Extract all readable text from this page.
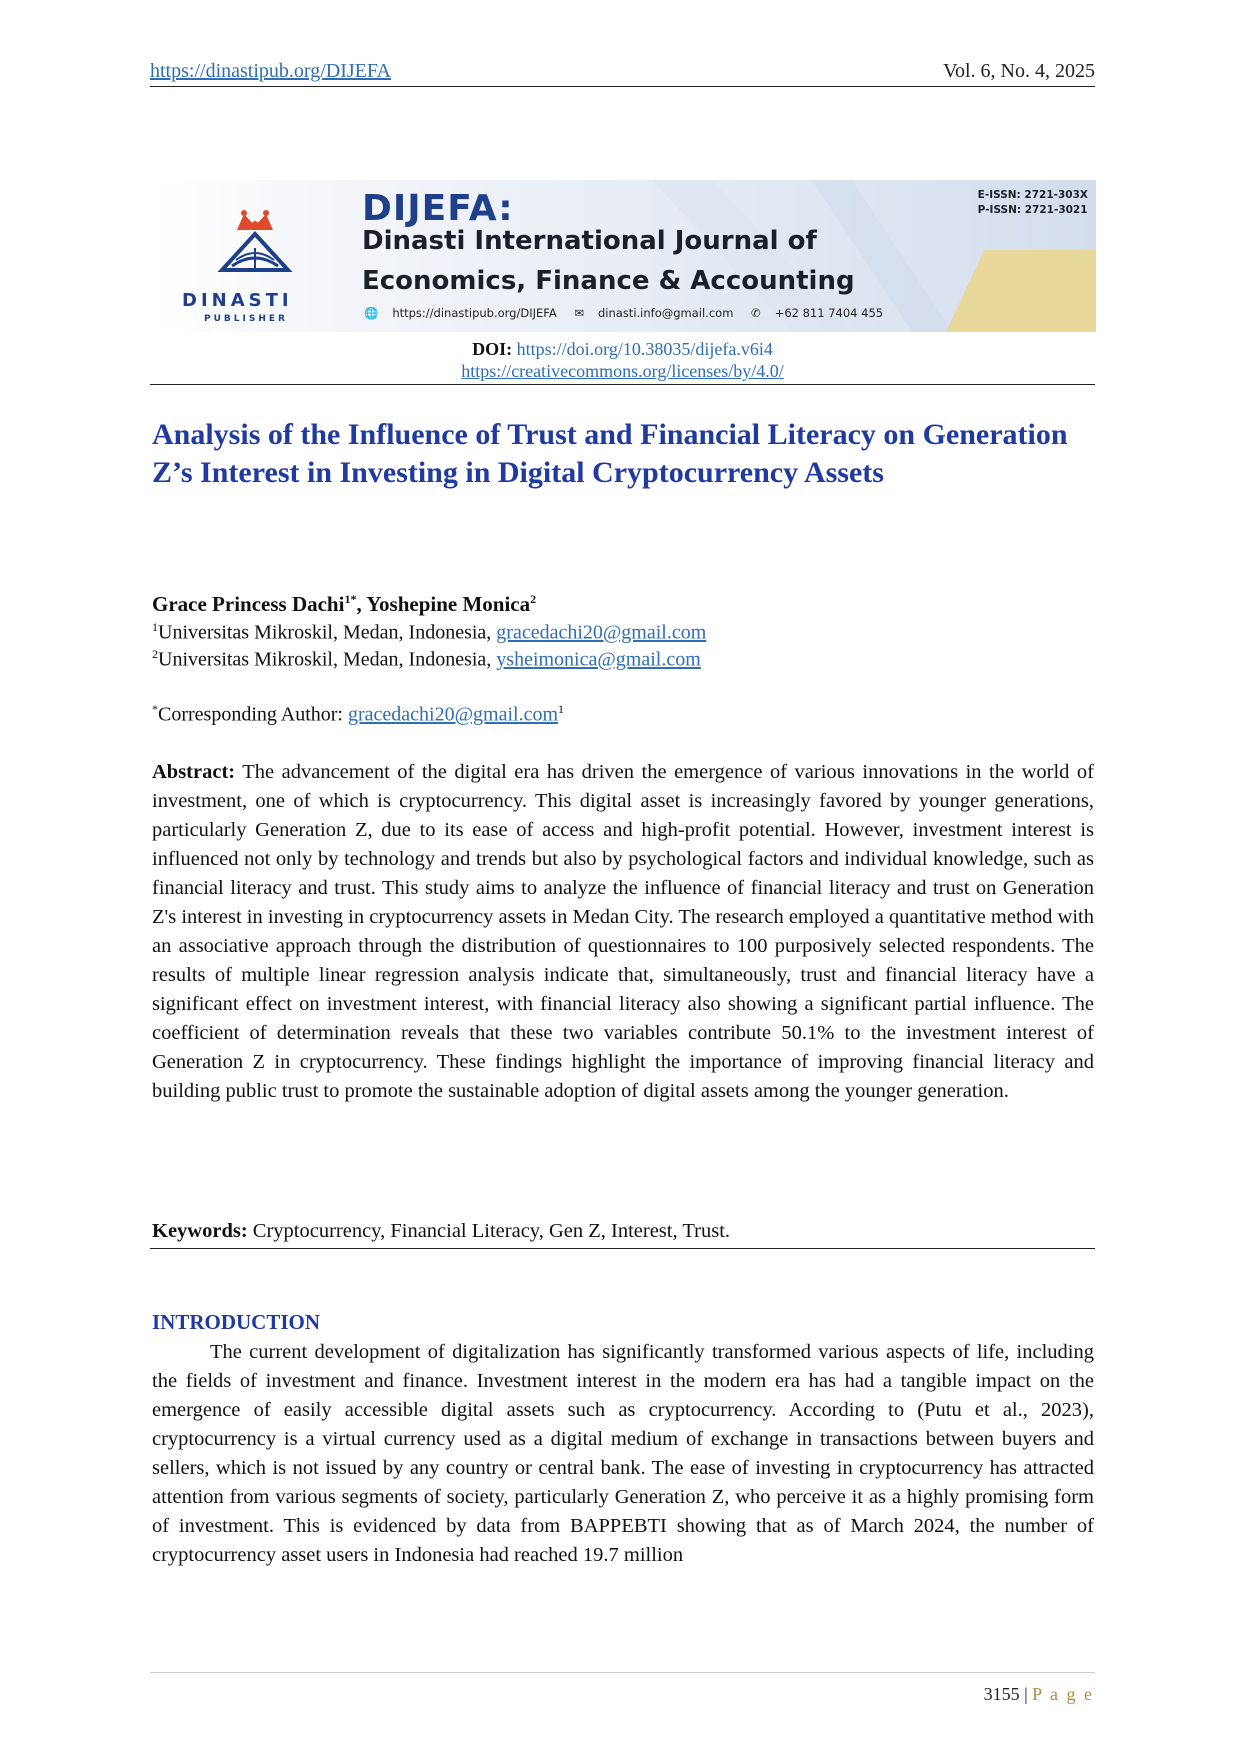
https://dinastipub.org/DIJEFA	Vol. 6, No. 4, 2025
DINASTI
PUBLISHER
DIJEFA:
Dinasti International Journal of
Economics, Finance & Accounting
🌐 https://dinastipub.org/DIJEFA ✉ dinasti.info@gmail.com ✆ +62 811 7404 455
E-ISSN: 2721-303X
P-ISSN: 2721-3021
DOI: https://doi.org/10.38035/dijefa.v6i4
https://creativecommons.org/licenses/by/4.0/
Analysis of the Influence of Trust and Financial Literacy on Generation Z’s Interest in Investing in Digital Cryptocurrency Assets
Grace Princess Dachi$^{1*}$, Yoshepine Monica$^2$
$^1$Universitas Mikroskil, Medan, Indonesia, gracedachi20@gmail.com
$^2$Universitas Mikroskil, Medan, Indonesia, ysheimonica@gmail.com
*Corresponding Author: gracedachi20@gmail.com$^1$
Abstract: The advancement of the digital era has driven the emergence of various innovations in the world of investment, one of which is cryptocurrency. This digital asset is increasingly favored by younger generations, particularly Generation Z, due to its ease of access and high-profit potential. However, investment interest is influenced not only by technology and trends but also by psychological factors and individual knowledge, such as financial literacy and trust. This study aims to analyze the influence of financial literacy and trust on Generation Z's interest in investing in cryptocurrency assets in Medan City. The research employed a quantitative method with an associative approach through the distribution of questionnaires to 100 purposively selected respondents. The results of multiple linear regression analysis indicate that, simultaneously, trust and financial literacy have a significant effect on investment interest, with financial literacy also showing a significant partial influence. The coefficient of determination reveals that these two variables contribute 50.1% to the investment interest of Generation Z in cryptocurrency. These findings highlight the importance of improving financial literacy and building public trust to promote the sustainable adoption of digital assets among the younger generation.
Keywords: Cryptocurrency, Financial Literacy, Gen Z, Interest, Trust.
INTRODUCTION
The current development of digitalization has significantly transformed various aspects of life, including the fields of investment and finance. Investment interest in the modern era has had a tangible impact on the emergence of easily accessible digital assets such as cryptocurrency. According to (Putu et al., 2023), cryptocurrency is a virtual currency used as a digital medium of exchange in transactions between buyers and sellers, which is not issued by any country or central bank. The ease of investing in cryptocurrency has attracted attention from various segments of society, particularly Generation Z, who perceive it as a highly promising form of investment. This is evidenced by data from BAPPEBTI showing that as of March 2024, the number of cryptocurrency asset users in Indonesia had reached 19.7 million
3155 | P a g e
